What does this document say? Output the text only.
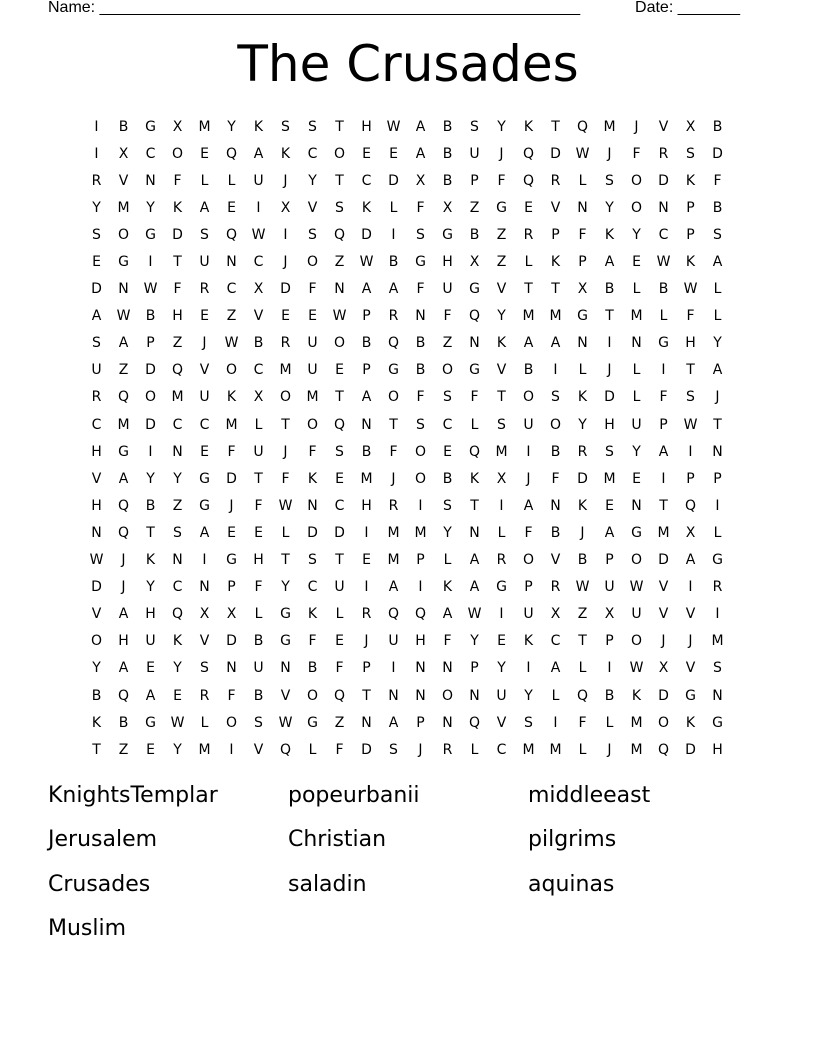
Name: ______________________________________________________	Date: _______
The Crusades
I	B	G	X	M	Y	K	S	S	T	H	W	A	B	S	Y	K	T	Q	M	J	V	X	B
I	X	C	O	E	Q	A	K	C	O	E	E	A	B	U	J	Q	D	W	J	F	R	S	D
R	V	N	F	L	L	U	J	Y	T	C	D	X	B	P	F	Q	R	L	S	O	D	K	F
Y	M	Y	K	A	E	I	X	V	S	K	L	F	X	Z	G	E	V	N	Y	O	N	P	B
S	O	G	D	S	Q	W	I	S	Q	D	I	S	G	B	Z	R	P	F	K	Y	C	P	S
E	G	I	T	U	N	C	J	O	Z	W	B	G	H	X	Z	L	K	P	A	E	W	K	A
D	N	W	F	R	C	X	D	F	N	A	A	F	U	G	V	T	T	X	B	L	B	W	L
A	W	B	H	E	Z	V	E	E	W	P	R	N	F	Q	Y	M	M	G	T	M	L	F	L
S	A	P	Z	J	W	B	R	U	O	B	Q	B	Z	N	K	A	A	N	I	N	G	H	Y
U	Z	D	Q	V	O	C	M	U	E	P	G	B	O	G	V	B	I	L	J	L	I	T	A
R	Q	O	M	U	K	X	O	M	T	A	O	F	S	F	T	O	S	K	D	L	F	S	J
C	M	D	C	C	M	L	T	O	Q	N	T	S	C	L	S	U	O	Y	H	U	P	W	T
H	G	I	N	E	F	U	J	F	S	B	F	O	E	Q	M	I	B	R	S	Y	A	I	N
V	A	Y	Y	G	D	T	F	K	E	M	J	O	B	K	X	J	F	D	M	E	I	P	P
H	Q	B	Z	G	J	F	W	N	C	H	R	I	S	T	I	A	N	K	E	N	T	Q	I
N	Q	T	S	A	E	E	L	D	D	I	M	M	Y	N	L	F	B	J	A	G	M	X	L
W	J	K	N	I	G	H	T	S	T	E	M	P	L	A	R	O	V	B	P	O	D	A	G
D	J	Y	C	N	P	F	Y	C	U	I	A	I	K	A	G	P	R	W	U	W	V	I	R
V	A	H	Q	X	X	L	G	K	L	R	Q	Q	A	W	I	U	X	Z	X	U	V	V	I
O	H	U	K	V	D	B	G	F	E	J	U	H	F	Y	E	K	C	T	P	O	J	J	M
Y	A	E	Y	S	N	U	N	B	F	P	I	N	N	P	Y	I	A	L	I	W	X	V	S
B	Q	A	E	R	F	B	V	O	Q	T	N	N	O	N	U	Y	L	Q	B	K	D	G	N
K	B	G	W	L	O	S	W	G	Z	N	A	P	N	Q	V	S	I	F	L	M	O	K	G
T	Z	E	Y	M	I	V	Q	L	F	D	S	J	R	L	C	M	M	L	J	M	Q	D	H
KnightsTemplar	popeurbanii	middleeast
Jerusalem	Christian	pilgrims
Crusades	saladin	aquinas
Muslim
